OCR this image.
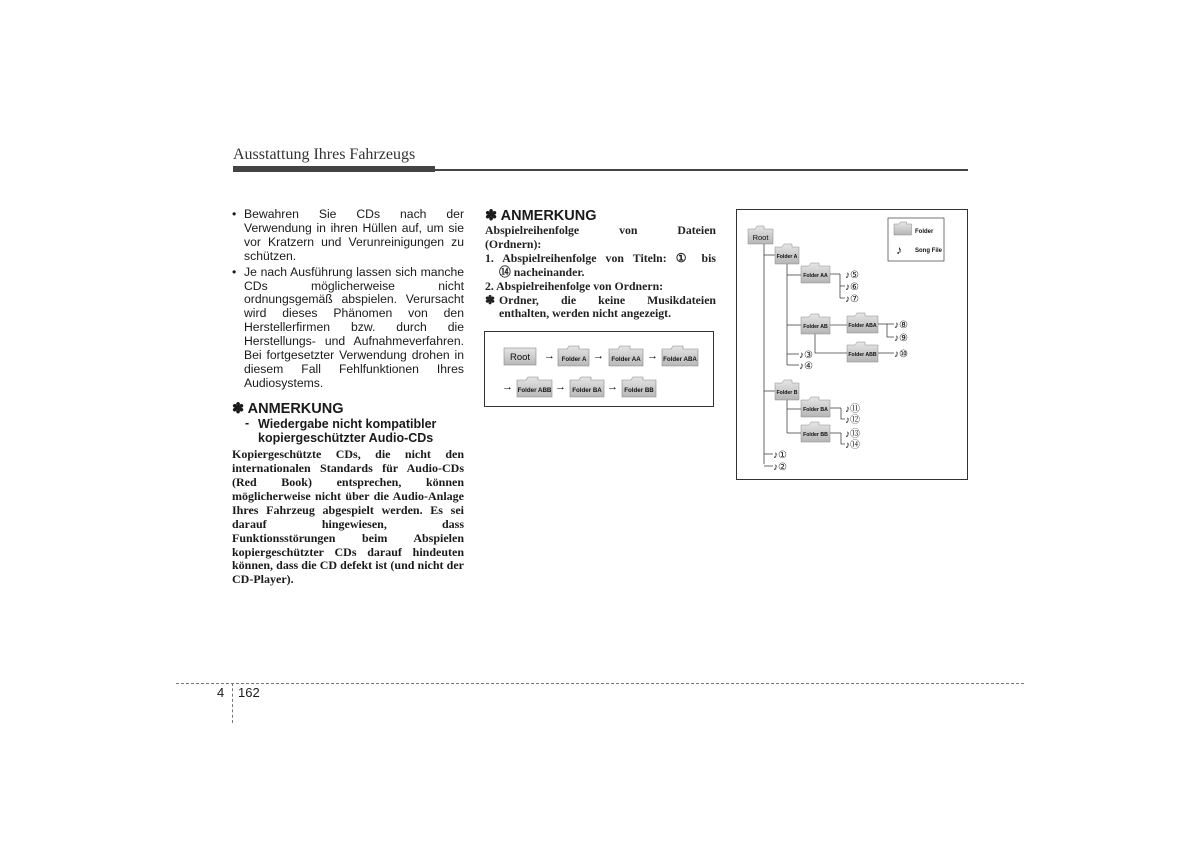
Ausstattung Ihres Fahrzeugs
• Bewahren Sie CDs nach der Verwendung in ihren Hüllen auf, um sie vor Kratzern und Verunreinigungen zu schützen.
• Je nach Ausführung lassen sich manche CDs möglicherweise nicht ordnungsgemäß abspielen. Verursacht wird dieses Phänomen von den Herstellerfirmen bzw. durch die Herstellungs- und Aufnahmeverfahren. Bei fortgesetzter Verwendung drohen in diesem Fall Fehlfunktionen Ihres Audiosystems.
✽ ANMERKUNG
- Wiedergabe nicht kompatibler kopiergeschützter Audio-CDs
Kopiergeschützte CDs, die nicht den internationalen Standards für Audio-CDs (Red Book) entsprechen, können möglicherweise nicht über die Audio-Anlage Ihres Fahrzeug abgespielt werden. Es sei darauf hingewiesen, dass Funktionsstörungen beim Abspielen kopiergeschützter CDs darauf hindeuten können, dass die CD defekt ist (und nicht der CD-Player).
✽ ANMERKUNG

Abspielreihenfolge von Dateien

(Ordnern):

1. Abspielreihenfolge von Titeln: ① bis

⑭ nacheinander.

2. Abspielreihenfolge von Ordnern:

✽ Ordner, die keine Musikdateien

enthalten, werden nicht angezeigt.

Root → Folder A → Folder AA → Folder ABA
→ Folder ABB → Folder BA → Folder BB
Folder
♪ Song File
Root
Folder A
Folder AA
Folder AB	Folder ABA
Folder ABB
Folder B
Folder BA
Folder BB
♪⑤
♪⑥
♪⑦
♪⑧
♪⑨
♪⑩
♪③
♪④
♪⑪
♪⑫
♪⑬
♪⑭
♪①
♪②
4 162
